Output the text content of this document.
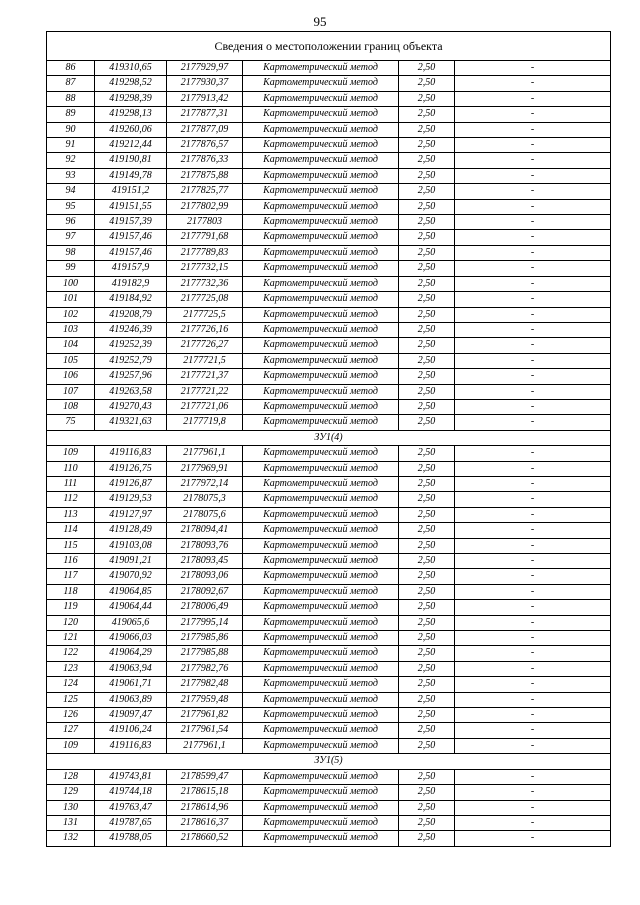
95
Сведения о местоположении границ объекта					
86	419310,65	2177929,97	Картометрический метод	2,50	-
87	419298,52	2177930,37	Картометрический метод	2,50	-
88	419298,39	2177913,42	Картометрический метод	2,50	-
89	419298,13	2177877,31	Картометрический метод	2,50	-
90	419260,06	2177877,09	Картометрический метод	2,50	-
91	419212,44	2177876,57	Картометрический метод	2,50	-
92	419190,81	2177876,33	Картометрический метод	2,50	-
93	419149,78	2177875,88	Картометрический метод	2,50	-
94	419151,2	2177825,77	Картометрический метод	2,50	-
95	419151,55	2177802,99	Картометрический метод	2,50	-
96	419157,39	2177803	Картометрический метод	2,50	-
97	419157,46	2177791,68	Картометрический метод	2,50	-
98	419157,46	2177789,83	Картометрический метод	2,50	-
99	419157,9	2177732,15	Картометрический метод	2,50	-
100	419182,9	2177732,36	Картометрический метод	2,50	-
101	419184,92	2177725,08	Картометрический метод	2,50	-
102	419208,79	2177725,5	Картометрический метод	2,50	-
103	419246,39	2177726,16	Картометрический метод	2,50	-
104	419252,39	2177726,27	Картометрический метод	2,50	-
105	419252,79	2177721,5	Картометрический метод	2,50	-
106	419257,96	2177721,37	Картометрический метод	2,50	-
107	419263,58	2177721,22	Картометрический метод	2,50	-
108	419270,43	2177721,06	Картометрический метод	2,50	-
75	419321,63	2177719,8	Картометрический метод	2,50	-
ЗУ1(4)					
109	419116,83	2177961,1	Картометрический метод	2,50	-
110	419126,75	2177969,91	Картометрический метод	2,50	-
111	419126,87	2177972,14	Картометрический метод	2,50	-
112	419129,53	2178075,3	Картометрический метод	2,50	-
113	419127,97	2178075,6	Картометрический метод	2,50	-
114	419128,49	2178094,41	Картометрический метод	2,50	-
115	419103,08	2178093,76	Картометрический метод	2,50	-
116	419091,21	2178093,45	Картометрический метод	2,50	-
117	419070,92	2178093,06	Картометрический метод	2,50	-
118	419064,85	2178092,67	Картометрический метод	2,50	-
119	419064,44	2178006,49	Картометрический метод	2,50	-
120	419065,6	2177995,14	Картометрический метод	2,50	-
121	419066,03	2177985,86	Картометрический метод	2,50	-
122	419064,29	2177985,88	Картометрический метод	2,50	-
123	419063,94	2177982,76	Картометрический метод	2,50	-
124	419061,71	2177982,48	Картометрический метод	2,50	-
125	419063,89	2177959,48	Картометрический метод	2,50	-
126	419097,47	2177961,82	Картометрический метод	2,50	-
127	419106,24	2177961,54	Картометрический метод	2,50	-
109	419116,83	2177961,1	Картометрический метод	2,50	-
ЗУ1(5)					
128	419743,81	2178599,47	Картометрический метод	2,50	-
129	419744,18	2178615,18	Картометрический метод	2,50	-
130	419763,47	2178614,96	Картометрический метод	2,50	-
131	419787,65	2178616,37	Картометрический метод	2,50	-
132	419788,05	2178660,52	Картометрический метод	2,50	-
